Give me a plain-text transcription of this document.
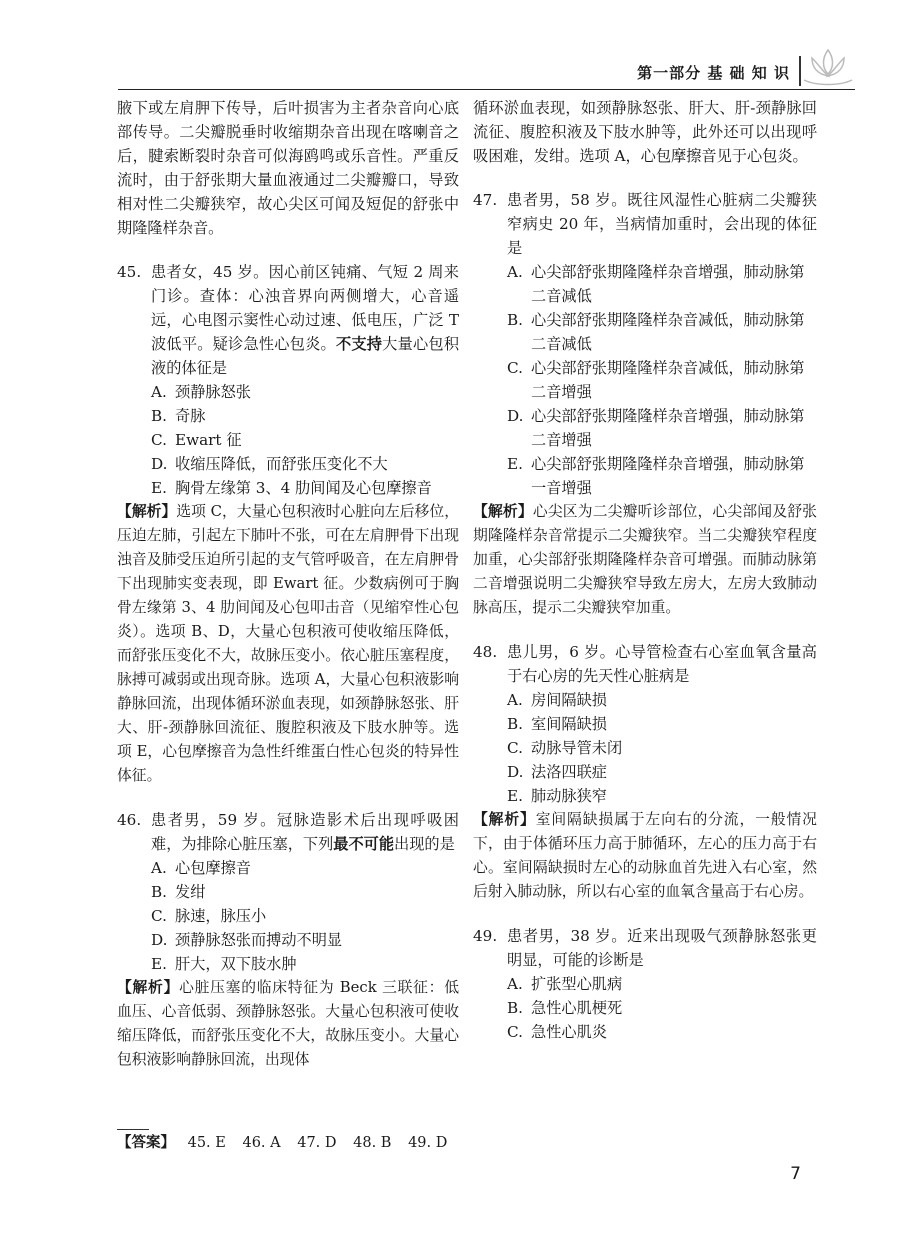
第一部分 基 础 知 识

腋下或左肩胛下传导，后叶损害为主者杂音向心底部传导。二尖瓣脱垂时收缩期杂音出现在喀喇音之后，腱索断裂时杂音可似海鸥鸣或乐音性。严重反流时，由于舒张期大量血液通过二尖瓣瓣口，导致相对性二尖瓣狭窄，故心尖区可闻及短促的舒张中期隆隆样杂音。

45. 患者女，45 岁。因心前区钝痛、气短 2 周来门诊。查体：心浊音界向两侧增大，心音遥远，心电图示窦性心动过速、低电压，广泛 T 波低平。疑诊急性心包炎。不支持大量心包积液的体征是
A. 颈静脉怒张
B. 奇脉
C. Ewart 征
D. 收缩压降低，而舒张压变化不大
E. 胸骨左缘第 3、4 肋间闻及心包摩擦音

【解析】选项 C，大量心包积液时心脏向左后移位，压迫左肺，引起左下肺叶不张，可在左肩胛骨下出现浊音及肺受压迫所引起的支气管呼吸音，在左肩胛骨下出现肺实变表现，即 Ewart 征。少数病例可于胸骨左缘第 3、4 肋间闻及心包叩击音（见缩窄性心包炎）。选项 B、D，大量心包积液可使收缩压降低，而舒张压变化不大，故脉压变小。依心脏压塞程度，脉搏可减弱或出现奇脉。选项 A，大量心包积液影响静脉回流，出现体循环淤血表现，如颈静脉怒张、肝大、肝-颈静脉回流征、腹腔积液及下肢水肿等。选项 E，心包摩擦音为急性纤维蛋白性心包炎的特异性体征。

46. 患者男，59 岁。冠脉造影术后出现呼吸困难，为排除心脏压塞，下列最不可能出现的是
A. 心包摩擦音
B. 发绀
C. 脉速，脉压小
D. 颈静脉怒张而搏动不明显
E. 肝大，双下肢水肿

【解析】心脏压塞的临床特征为 Beck 三联征：低血压、心音低弱、颈静脉怒张。大量心包积液可使收缩压降低，而舒张压变化不大，故脉压变小。大量心包积液影响静脉回流，出现体

循环淤血表现，如颈静脉怒张、肝大、肝-颈静脉回流征、腹腔积液及下肢水肿等，此外还可以出现呼吸困难，发绀。选项 A，心包摩擦音见于心包炎。

47. 患者男，58 岁。既往风湿性心脏病二尖瓣狭窄病史 20 年，当病情加重时，会出现的体征是
A. 心尖部舒张期隆隆样杂音增强，肺动脉第二音减低
B. 心尖部舒张期隆隆样杂音减低，肺动脉第二音减低
C. 心尖部舒张期隆隆样杂音减低，肺动脉第二音增强
D. 心尖部舒张期隆隆样杂音增强，肺动脉第二音增强
E. 心尖部舒张期隆隆样杂音增强，肺动脉第一音增强

【解析】心尖区为二尖瓣听诊部位，心尖部闻及舒张期隆隆样杂音常提示二尖瓣狭窄。当二尖瓣狭窄程度加重，心尖部舒张期隆隆样杂音可增强。而肺动脉第二音增强说明二尖瓣狭窄导致左房大，左房大致肺动脉高压，提示二尖瓣狭窄加重。

48. 患儿男，6 岁。心导管检查右心室血氧含量高于右心房的先天性心脏病是
A. 房间隔缺损
B. 室间隔缺损
C. 动脉导管未闭
D. 法洛四联症
E. 肺动脉狭窄

【解析】室间隔缺损属于左向右的分流，一般情况下，由于体循环压力高于肺循环，左心的压力高于右心。室间隔缺损时左心的动脉血首先进入右心室，然后射入肺动脉，所以右心室的血氧含量高于右心房。

49. 患者男，38 岁。近来出现吸气颈静脉怒张更明显，可能的诊断是
A. 扩张型心肌病
B. 急性心肌梗死
C. 急性心肌炎
【答案】 45. E 46. A 47. D 48. B 49. D
7
